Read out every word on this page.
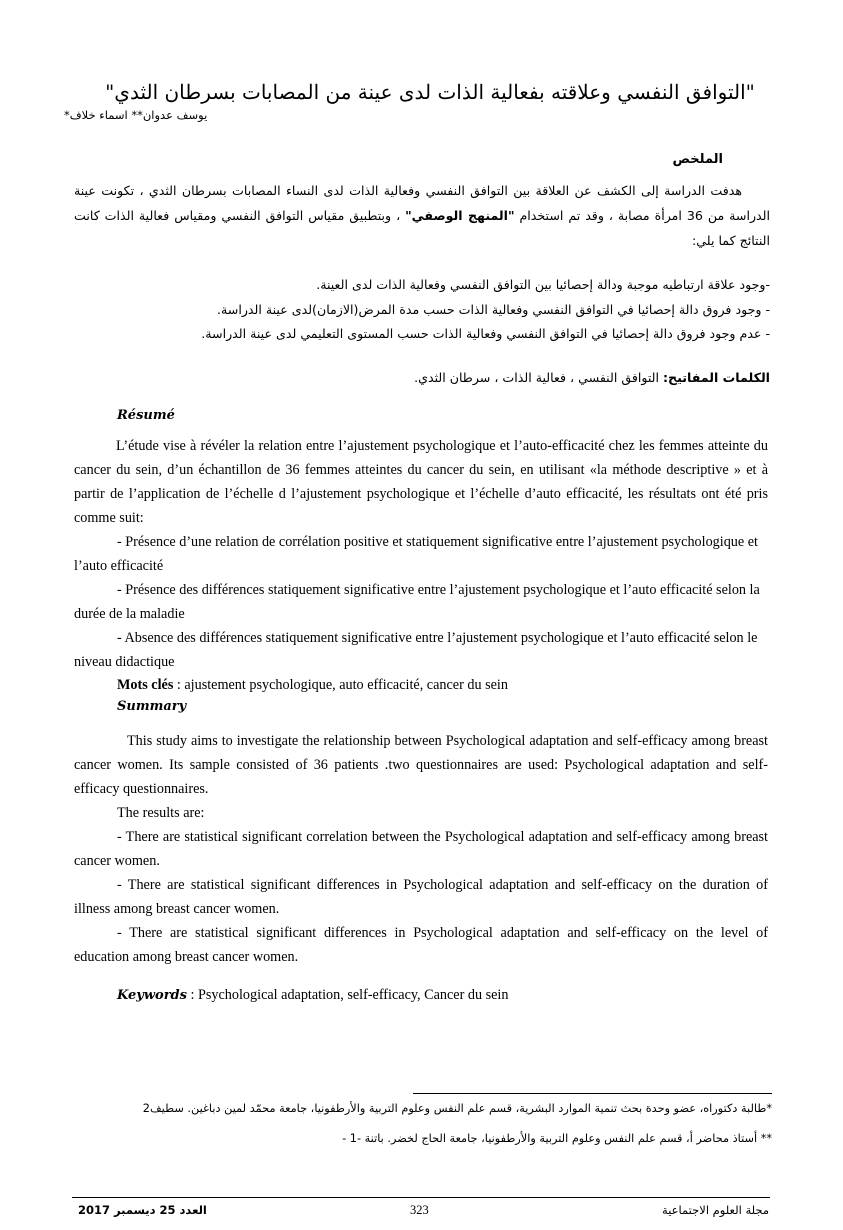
"التوافق النفسي وعلاقته بفعالية الذات لدى عينة من المصابات بسرطان الثدي"
اسماء خلاف* يوسف عدوان**
الملخص
هدفت الدراسة إلى الكشف عن العلاقة بين التوافق النفسي وفعالية الذات لدى النساء المصابات بسرطان الثدي ، تكونت عينة الدراسة من 36 امرأة مصابة ، وقد تم استخدام "المنهج الوصفي" ، وبتطبيق مقياس التوافق النفسي ومقياس فعالية الذات كانت النتائج كما يلي:
-وجود علاقة ارتباطيه موجبة ودالة إحصائيا بين التوافق النفسي وفعالية الذات لدى العينة.
- وجود فروق دالة إحصائيا في التوافق النفسي وفعالية الذات حسب مدة المرض(الازمان)لدى عينة الدراسة.
- عدم وجود فروق دالة إحصائيا في التوافق النفسي وفعالية الذات حسب المستوى التعليمي لدى عينة الدراسة.
الكلمات المفاتيح: التوافق النفسي ، فعالية الذات ، سرطان الثدي.
Résumé

L’étude vise à révéler la relation entre l’ajustement psychologique et l’auto-efficacité chez les femmes atteinte du cancer du sein, d’un échantillon de 36 femmes atteintes du cancer du sein, en utilisant «la méthode descriptive » et à partir de l’application de l’échelle d l’ajustement psychologique et l’échelle d’auto efficacité, les résultats ont été pris comme suit:

- Présence d’une relation de corrélation positive et statiquement significative entre l’ajustement psychologique et l’auto efficacité

- Présence des différences statiquement significative entre l’ajustement psychologique et l’auto efficacité selon la durée de la maladie

- Absence des différences statiquement significative entre l’ajustement psychologique et l’auto efficacité selon le niveau didactique

Mots clés : ajustement psychologique, auto efficacité, cancer du sein

Summary

This study aims to investigate the relationship between Psychological adaptation and self-efficacy among breast cancer women. Its sample consisted of 36 patients .two questionnaires are used: Psychological adaptation and self-efficacy questionnaires.

The results are:

- There are statistical significant correlation between the Psychological adaptation and self-efficacy among breast cancer women.

- There are statistical significant differences in Psychological adaptation and self-efficacy on the duration of illness among breast cancer women.

- There are statistical significant differences in Psychological adaptation and self-efficacy on the level of education among breast cancer women.

Keywords : Psychological adaptation, self-efficacy, Cancer du sein

*طالبة دكتوراه، عضو وحدة بحث تنمية الموارد البشرية، قسم علم النفس وعلوم التربية والأرطفونيا، جامعة محمّد لمين دباغين. سطيف2
** أستاذ محاضر أ، قسم علم النفس وعلوم التربية والأرطفونيا، جامعة الحاج لخضر. باتنة -1 -
مجلة العلوم الاجتماعية
323
العدد 25 ديسمبر 2017
